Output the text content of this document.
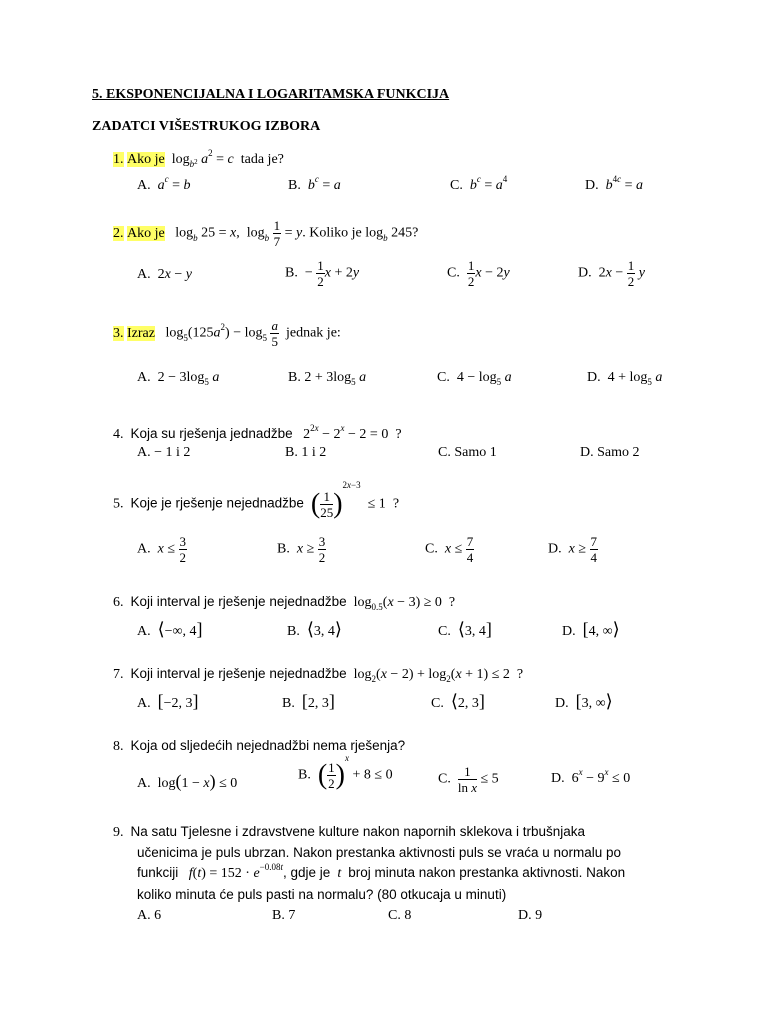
5. EKSPONENCIJALNA I LOGARITAMSKA FUNKCIJA
ZADATCI VIŠESTRUKOG IZBORA
1. Ako je  $\log_{b^2} a^2 = c$ tada je?
A.  $a^c = b$	B.  $b^c = a$	C.  $b^c = a^4$	D.  $b^{4c} = a$
2. Ako je   $\log_b 25 = x$,  $\log_b \frac{1}{7} = y$. Koliko je $\log_b 245$?
A.  2x − y	B.  − $\frac{1}{2}$ x + 2y	C. $\frac{1}{2}$ x − 2y	D.  $2x - \frac{1}{2}$ y
3. Izraz   $\log_5(125a^2) - \log_5 \frac{a}{5}$ jednak je:
A.  $2 - 3\log_5$ a	B. $2 + 3\log_5$ a	C.  $4 - \log_5 a$	D.  $4 + \log_5 a$
4. Koja su rješenja jednadžbe   $2^{2x} - 2^x - 2 = 0$  ?
A. − 1 i 2	B. 1 i 2	C. Samo 1	D. Samo 2
5. Koje je rješenje nejednadžbe ( $\frac{1}{25} )^{2x-3} \le 1$  ?
A.  $x \le \frac{3}{2}$	B.  $x \ge \frac{3}{2}$	C.  $x \le \frac{7}{4}$	D.  $x \ge \frac{7}{4}$
6. Koji interval je rješenje nejednadžbe  $\log_{0.5}(x - 3) \ge 0$  ?
A.  ⟨−∞, 4]	B.  ⟨3, 4⟩	C.  ⟨3, 4]	D.  [4, ∞⟩
7. Koji interval je rješenje nejednadžbe  $\log_2(x - 2) + \log_2(x + 1) \le 2$  ?
A.  [−2, 3]	B.  [2, 3]	C.  ⟨2, 3]	D.  [3, ∞⟩
8. Koja od sljedećih nejednadžbi nema rješenja?
A.  log(1 − x) ≤ 0
B.  ( $\frac{1}{2} )^x + 8 \le 0$	C. $\frac{1}{\text{ln x}} \le 5$	D.  $6^x - 9^x \le 0$
9. Na satu Tjelesne i zdravstvene kulture nakon napornih sklekova i trbušnjaka
učenicima je puls ubrzan. Nakon prestanka aktivnosti puls se vraća u normalu po
funkciji $f(t) = 152 \cdot e^{-0.08t}$, gdje je t broj minuta nakon prestanka aktivnosti. Nakon
koliko minuta će puls pasti na normalu? (80 otkucaja u minuti)
A. 6	B. 7	C. 8	D. 9
